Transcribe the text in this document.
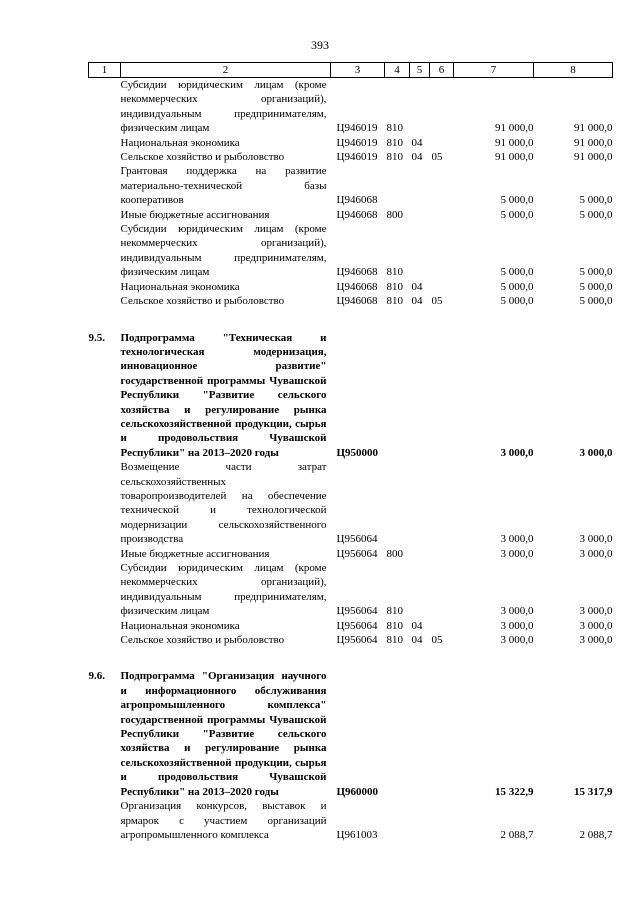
393
1	2	3	4	5	6	7	8
	Субсидии юридическим лицам (кроме некоммерческих организаций), индивидуальным предпринимателям, физическим лицам	Ц946019	810			91 000,0	91 000,0
	Национальная экономика	Ц946019	810	04		91 000,0	91 000,0
	Сельское хозяйство и рыболовство	Ц946019	810	04	05	91 000,0	91 000,0
	Грантовая поддержка на развитие материально-технической базы кооперативов	Ц946068				5 000,0	5 000,0
	Иные бюджетные ассигнования	Ц946068	800			5 000,0	5 000,0
	Субсидии юридическим лицам (кроме некоммерческих организаций), индивидуальным предпринимателям, физическим лицам	Ц946068	810			5 000,0	5 000,0
	Национальная экономика	Ц946068	810	04		5 000,0	5 000,0
	Сельское хозяйство и рыболовство	Ц946068	810	04	05	5 000,0	5 000,0

9.5.	Подпрограмма "Техническая и технологическая модернизация, инновационное развитие" государственной программы Чувашской Республики "Развитие сельского хозяйства и регулирование рынка сельскохозяйственной продукции, сырья и продовольствия Чувашской Республики" на 2013–2020 годы	Ц950000				3 000,0	3 000,0
	Возмещение части затрат сельскохозяйственных товаропроизводителей на обеспечение технической и технологической модернизации сельскохозяйственного производства	Ц956064				3 000,0	3 000,0
	Иные бюджетные ассигнования	Ц956064	800			3 000,0	3 000,0
	Субсидии юридическим лицам (кроме некоммерческих организаций), индивидуальным предпринимателям, физическим лицам	Ц956064	810			3 000,0	3 000,0
	Национальная экономика	Ц956064	810	04		3 000,0	3 000,0
	Сельское хозяйство и рыболовство	Ц956064	810	04	05	3 000,0	3 000,0

9.6.	Подпрограмма "Организация научного и информационного обслуживания агропромышленного комплекса" государственной программы Чувашской Республики "Развитие сельского хозяйства и регулирование рынка сельскохозяйственной продукции, сырья и продовольствия Чувашской Республики" на 2013–2020 годы	Ц960000				15 322,9	15 317,9
	Организация конкурсов, выставок и ярмарок с участием организаций агропромышленного комплекса	Ц961003				2 088,7	2 088,7
